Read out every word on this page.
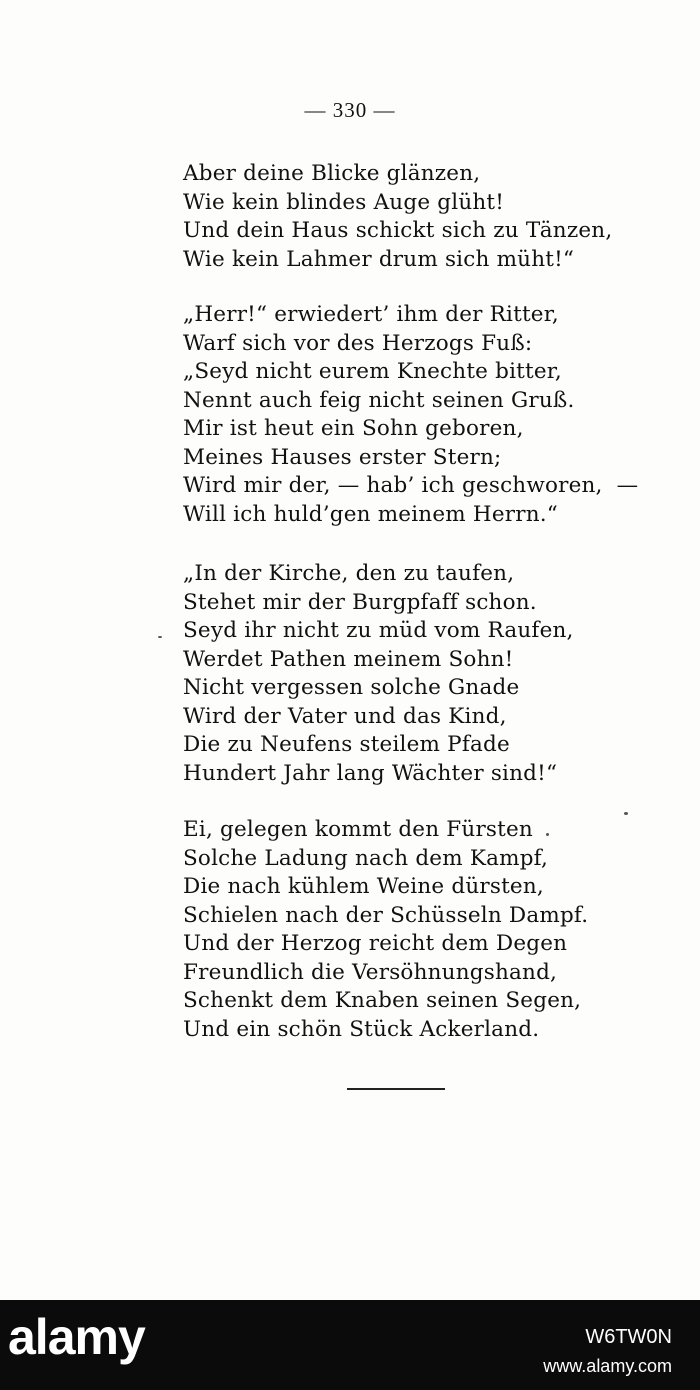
— 330 —
Aber deine Blicke glänzen,
Wie kein blindes Auge glüht!
Und dein Haus schickt sich zu Tänzen,
Wie kein Lahmer drum sich müht!“
„Herr!“ erwiedert’ ihm der Ritter,
Warf sich vor des Herzogs Fuß:
„Seyd nicht eurem Knechte bitter,
Nennt auch feig nicht seinen Gruß.
Mir ist heut ein Sohn geboren,
Meines Hauses erster Stern;
Wird mir der, — hab’ ich geschworen, —
Will ich huld’gen meinem Herrn.“
„In der Kirche, den zu taufen,
Stehet mir der Burgpfaff schon.
Seyd ihr nicht zu müd vom Raufen,
Werdet Pathen meinem Sohn!
Nicht vergessen solche Gnade
Wird der Vater und das Kind,
Die zu Neufens steilem Pfade
Hundert Jahr lang Wächter sind!“
Ei, gelegen kommt den Fürsten
Solche Ladung nach dem Kampf,
Die nach kühlem Weine dürsten,
Schielen nach der Schüsseln Dampf.
Und der Herzog reicht dem Degen
Freundlich die Versöhnungshand,
Schenkt dem Knaben seinen Segen,
Und ein schön Stück Ackerland.
alamy	W6TW0N
www.alamy.com
